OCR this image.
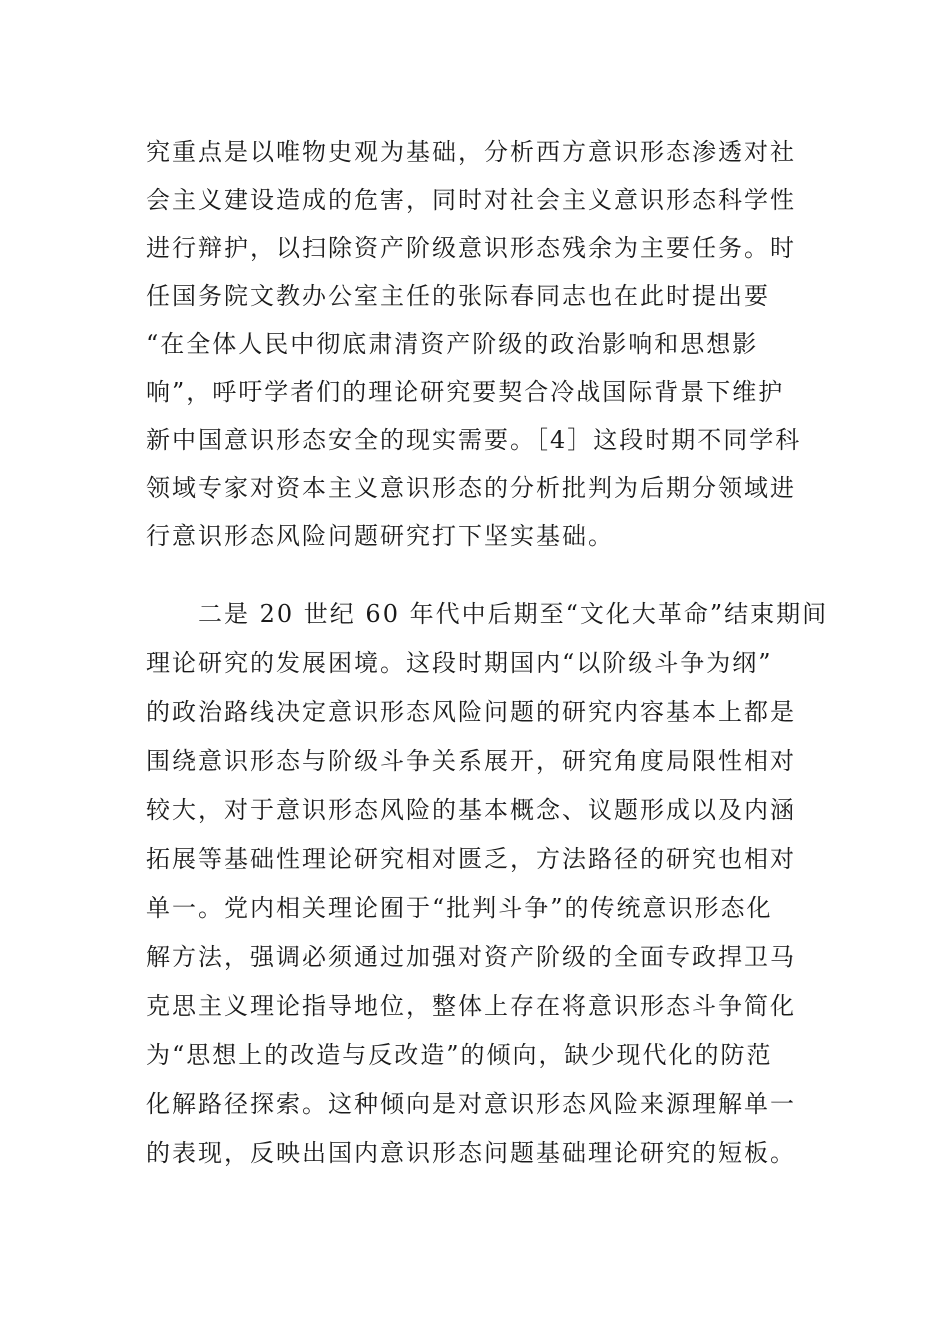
究重点是以唯物史观为基础，分析西方意识形态渗透对社
会主义建设造成的危害，同时对社会主义意识形态科学性
进行辩护，以扫除资产阶级意识形态残余为主要任务。时
任国务院文教办公室主任的张际春同志也在此时提出要
“在全体人民中彻底肃清资产阶级的政治影响和思想影
响”，呼吁学者们的理论研究要契合冷战国际背景下维护
新中国意识形态安全的现实需要。［4］这段时期不同学科
领域专家对资本主义意识形态的分析批判为后期分领域进
行意识形态风险问题研究打下坚实基础。
二是 20 世纪 60 年代中后期至“文化大革命”结束期间
理论研究的发展困境。这段时期国内“以阶级斗争为纲”
的政治路线决定意识形态风险问题的研究内容基本上都是
围绕意识形态与阶级斗争关系展开，研究角度局限性相对
较大，对于意识形态风险的基本概念、议题形成以及内涵
拓展等基础性理论研究相对匮乏，方法路径的研究也相对
单一。党内相关理论囿于“批判斗争”的传统意识形态化
解方法，强调必须通过加强对资产阶级的全面专政捍卫马
克思主义理论指导地位，整体上存在将意识形态斗争简化
为“思想上的改造与反改造”的倾向，缺少现代化的防范
化解路径探索。这种倾向是对意识形态风险来源理解单一
的表现，反映出国内意识形态问题基础理论研究的短板。
